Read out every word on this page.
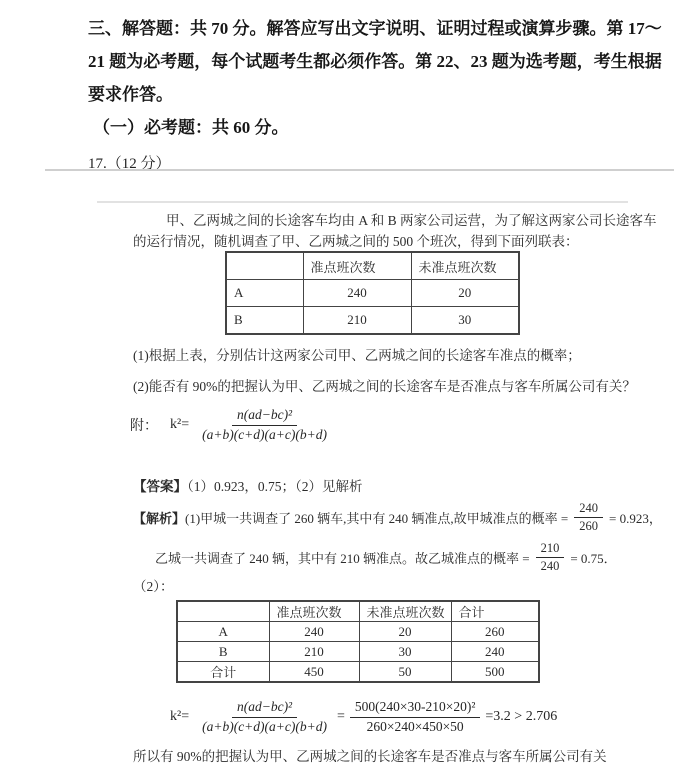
三、解答题：共 70 分。解答应写出文字说明、证明过程或演算步骤。第 17～

21 题为必考题，每个试题考生都必须作答。第 22、23 题为选考题，考生根据

要求作答。

（一）必考题：共 60 分。

17.（12 分）

甲、乙两城之间的长途客车均由 A 和 B 两家公司运营，为了解这两家公司长途客车

的运行情况，随机调查了甲、乙两城之间的 500 个班次，得到下面列联表：

	准点班次数	未准点班次数
A	240	20
B	210	30

(1)根据上表，分别估计这两家公司甲、乙两城之间的长途客车准点的概率；

(2)能否有 90%的把握认为甲、乙两城之间的长途客车是否准点与客车所属公司有关？

附： $k^2= \frac{\text{n(ad−bc)²}}{(a+b)(c+d)(a+c)(b+d)}$

【答案】（1）0.923，0.75；（2）见解析

【解析】 (1)甲城一共调查了 260 辆车,其中有 240 辆准点,故甲城准点的概率 = $\frac{240}{260} = 0.923$，
乙城一共调查了 240 辆，其中有 210 辆准点。故乙城准点的概率 = $\frac{210}{240} = 0.75$．

（2）：

	准点班次数	未准点班次数	合计
A	240	20	260
B	210	30	240
合计	450	50	500
$k^2= \frac{\text{n(ad−bc)²}}{(a+b)(c+d)(a+c)(b+d)} = \frac{\text{500(240×30-210×20)²}}{260\times 240\times 450\times 50} =3.2 > 2.706$

所以有 90%的把握认为甲、乙两城之间的长途客车是否准点与客车所属公司有关
